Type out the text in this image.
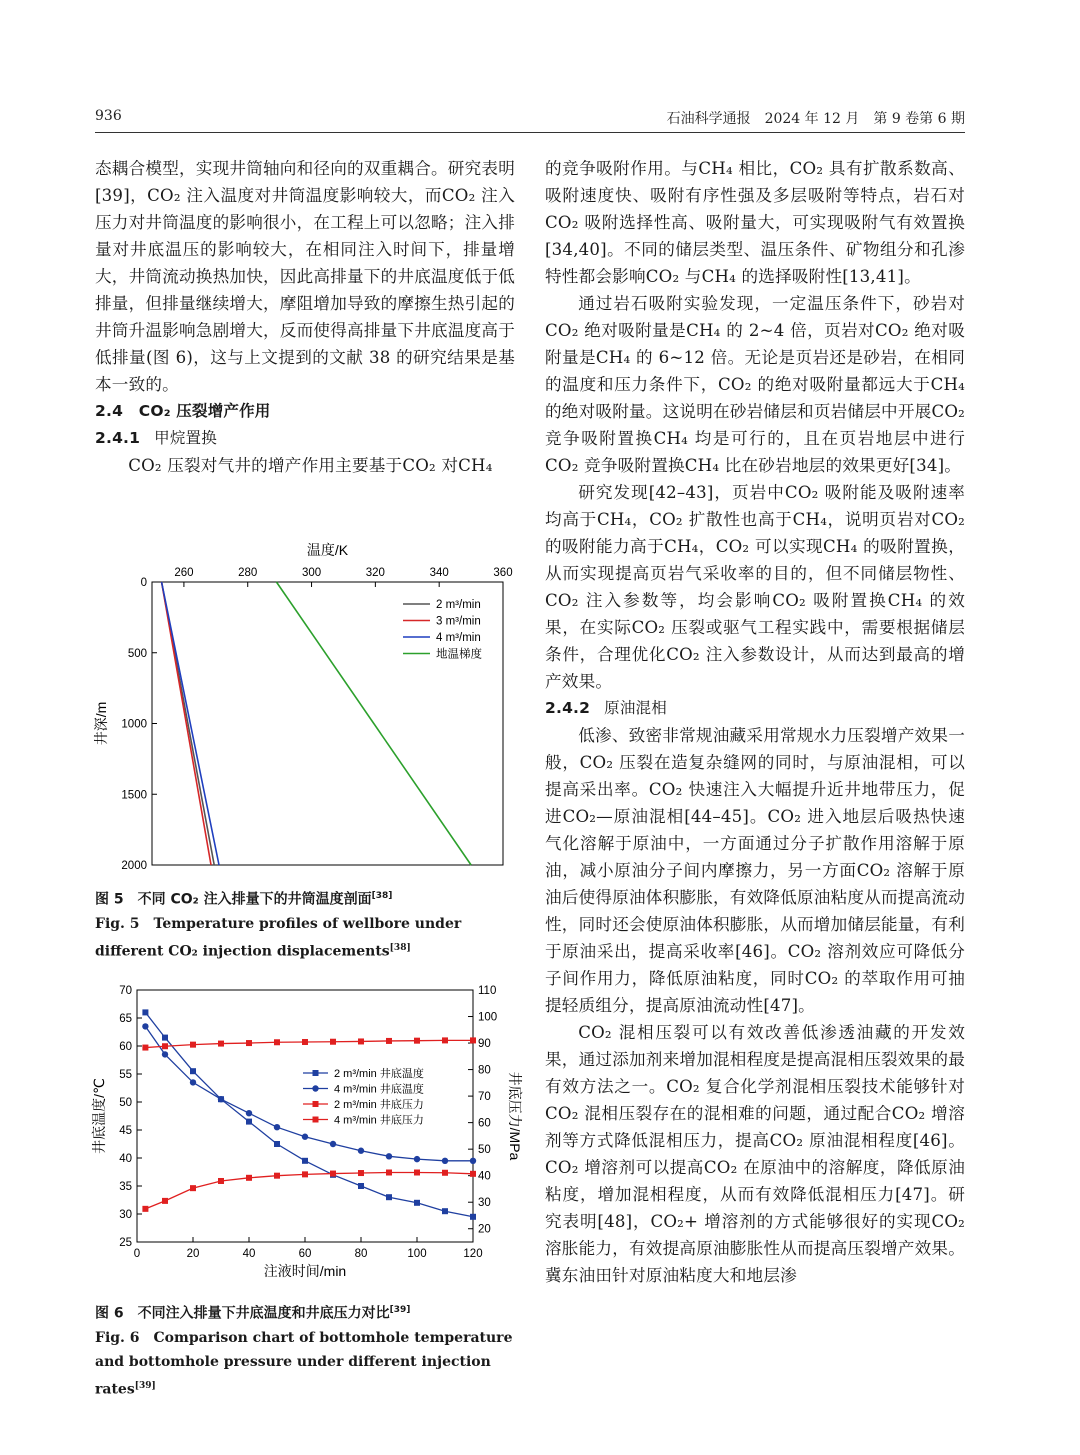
936	石油科学通报　2024 年 12 月　第 9 卷第 6 期

态耦合模型，实现井筒轴向和径向的双重耦合。研究表明[39]，CO₂ 注入温度对井筒温度影响较大，而CO₂ 注入压力对井筒温度的影响很小，在工程上可以忽略；注入排量对井底温压的影响较大，在相同注入时间下，排量增大，井筒流动换热加快，因此高排量下的井底温度低于低排量，但排量继续增大，摩阻增加导致的摩擦生热引起的井筒升温影响急剧增大，反而使得高排量下井底温度高于低排量(图 6)，这与上文提到的文献 38 的研究结果是基本一致的。

2.4　CO₂ 压裂增产作用

2.4.1 甲烷置换

CO₂ 压裂对气井的增产作用主要基于CO₂ 对CH₄

温度/K
260	280	300	320	340	360
0
500
1000
1500
2000
井深/m
2 m³/min
3 m³/min
4 m³/min
地温梯度
图 5　不同 CO₂ 注入排量下的井筒温度剖面[38]
Fig. 5　Temperature profiles of wellbore under different CO₂ injection displacements[38]
0	20	40	60	80	100	120
25
30
35
40
45
50
55
60
65
70
20
30
40
50
60
70
80
90
100
110
注液时间/min
井底温度/℃	井底压力/MPa
2 m³/min 井底温度
4 m³/min 井底温度
2 m³/min 井底压力
4 m³/min 井底压力
图 6　不同注入排量下井底温度和井底压力对比[39]
Fig. 6　Comparison chart of bottomhole temperature and bottomhole pressure under different injection rates[39]

的竞争吸附作用。与CH₄ 相比，CO₂ 具有扩散系数高、吸附速度快、吸附有序性强及多层吸附等特点，岩石对CO₂ 吸附选择性高、吸附量大，可实现吸附气有效置换[34,40]。不同的储层类型、温压条件、矿物组分和孔渗特性都会影响CO₂ 与CH₄ 的选择吸附性[13,41]。

通过岩石吸附实验发现，一定温压条件下，砂岩对CO₂ 绝对吸附量是CH₄ 的 2~4 倍，页岩对CO₂ 绝对吸附量是CH₄ 的 6~12 倍。无论是页岩还是砂岩，在相同的温度和压力条件下，CO₂ 的绝对吸附量都远大于CH₄ 的绝对吸附量。这说明在砂岩储层和页岩储层中开展CO₂ 竞争吸附置换CH₄ 均是可行的，且在页岩地层中进行CO₂ 竞争吸附置换CH₄ 比在砂岩地层的效果更好[34]。

研究发现[42–43]，页岩中CO₂ 吸附能及吸附速率均高于CH₄，CO₂ 扩散性也高于CH₄，说明页岩对CO₂ 的吸附能力高于CH₄，CO₂ 可以实现CH₄ 的吸附置换，从而实现提高页岩气采收率的目的，但不同储层物性、CO₂ 注入参数等，均会影响CO₂ 吸附置换CH₄ 的效果，在实际CO₂ 压裂或驱气工程实践中，需要根据储层条件，合理优化CO₂ 注入参数设计，从而达到最高的增产效果。

2.4.2 原油混相

低渗、致密非常规油藏采用常规水力压裂增产效果一般，CO₂ 压裂在造复杂缝网的同时，与原油混相，可以提高采出率。CO₂ 快速注入大幅提升近井地带压力，促进CO₂—原油混相[44–45]。CO₂ 进入地层后吸热快速气化溶解于原油中，一方面通过分子扩散作用溶解于原油，减小原油分子间内摩擦力，另一方面CO₂ 溶解于原油后使得原油体积膨胀，有效降低原油粘度从而提高流动性，同时还会使原油体积膨胀，从而增加储层能量，有利于原油采出，提高采收率[46]。CO₂ 溶剂效应可降低分子间作用力，降低原油粘度，同时CO₂ 的萃取作用可抽提轻质组分，提高原油流动性[47]。

CO₂ 混相压裂可以有效改善低渗透油藏的开发效果，通过添加剂来增加混相程度是提高混相压裂效果的最有效方法之一。CO₂ 复合化学剂混相压裂技术能够针对CO₂ 混相压裂存在的混相难的问题，通过配合CO₂ 增溶剂等方式降低混相压力，提高CO₂ 原油混相程度[46]。CO₂ 增溶剂可以提高CO₂ 在原油中的溶解度，降低原油粘度，增加混相程度，从而有效降低混相压力[47]。研究表明[48]，CO₂+ 增溶剂的方式能够很好的实现CO₂ 溶胀能力，有效提高原油膨胀性从而提高压裂增产效果。冀东油田针对原油粘度大和地层渗
